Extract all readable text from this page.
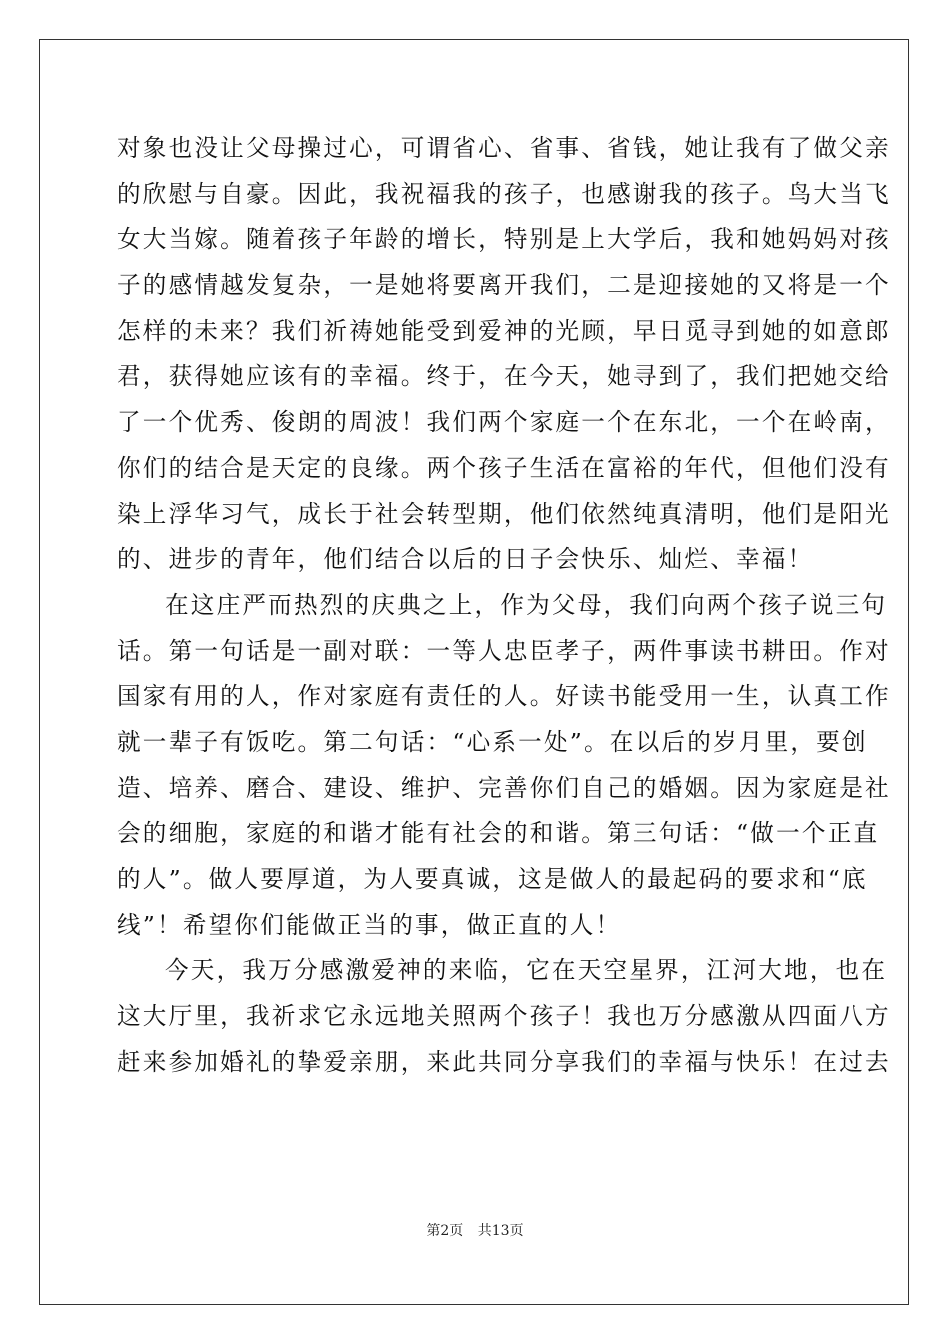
对象也没让父母操过心，可谓省心、省事、省钱，她让我有了做父亲
的欣慰与自豪。因此，我祝福我的孩子，也感谢我的孩子。鸟大当飞
女大当嫁。随着孩子年龄的增长，特别是上大学后，我和她妈妈对孩
子的感情越发复杂，一是她将要离开我们，二是迎接她的又将是一个
怎样的未来？我们祈祷她能受到爱神的光顾，早日觅寻到她的如意郎
君，获得她应该有的幸福。终于，在今天，她寻到了，我们把她交给
了一个优秀、俊朗的周波！我们两个家庭一个在东北，一个在岭南，
你们的结合是天定的良缘。两个孩子生活在富裕的年代，但他们没有
染上浮华习气，成长于社会转型期，他们依然纯真清明，他们是阳光
的、进步的青年，他们结合以后的日子会快乐、灿烂、幸福！

在这庄严而热烈的庆典之上，作为父母，我们向两个孩子说三句
话。第一句话是一副对联：一等人忠臣孝子，两件事读书耕田。作对
国家有用的人，作对家庭有责任的人。好读书能受用一生，认真工作
就一辈子有饭吃。第二句话：“心系一处”。在以后的岁月里，要创
造、培养、磨合、建设、维护、完善你们自己的婚姻。因为家庭是社
会的细胞，家庭的和谐才能有社会的和谐。第三句话：“做一个正直
的人”。做人要厚道，为人要真诚，这是做人的最起码的要求和“底
线”！希望你们能做正当的事，做正直的人！

今天，我万分感激爱神的来临，它在天空星界，江河大地，也在
这大厅里，我祈求它永远地关照两个孩子！我也万分感激从四面八方
赶来参加婚礼的挚爱亲朋，来此共同分享我们的幸福与快乐！在过去

第2页 共13页
